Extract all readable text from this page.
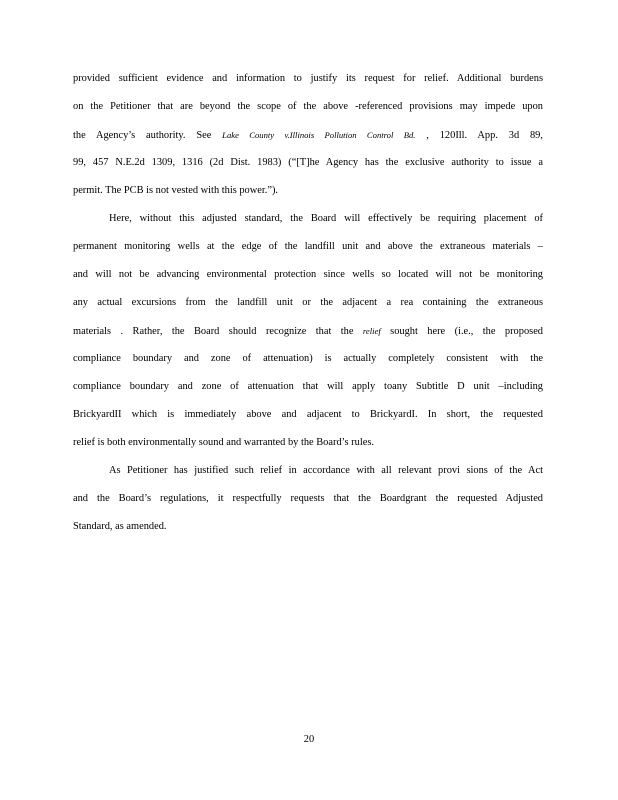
provided sufficient evidence and information to justify its request for relief. Additional burdens
on the Petitioner that are beyond the scope of the above -referenced provisions may impede upon
the Agency’s authority. See Lake County v.Illinois Pollution Control Bd. , 120Ill. App. 3d 89,
99, 457 N.E.2d 1309, 1316 (2d Dist. 1983) (“[T]he Agency has the exclusive authority to issue a
permit. The PCB is not vested with this power.”).
Here, without this adjusted standard, the Board will effectively be requiring placement of
permanent monitoring wells at the edge of the landfill unit and above the extraneous materials –
and will not be advancing environmental protection since wells so located will not be monitoring
any actual excursions from the landfill unit or the adjacent a rea containing the extraneous
materials . Rather, the Board should recognize that the relief sought here (i.e., the proposed
compliance boundary and zone of attenuation) is actually completely consistent with the
compliance boundary and zone of attenuation that will apply toany Subtitle D unit –including
BrickyardII which is immediately above and adjacent to BrickyardI. In short, the requested
relief is both environmentally sound and warranted by the Board’s rules.
As Petitioner has justified such relief in accordance with all relevant provi sions of the Act
and the Board’s regulations, it respectfully requests that the Boardgrant the requested Adjusted
Standard, as amended.
20
